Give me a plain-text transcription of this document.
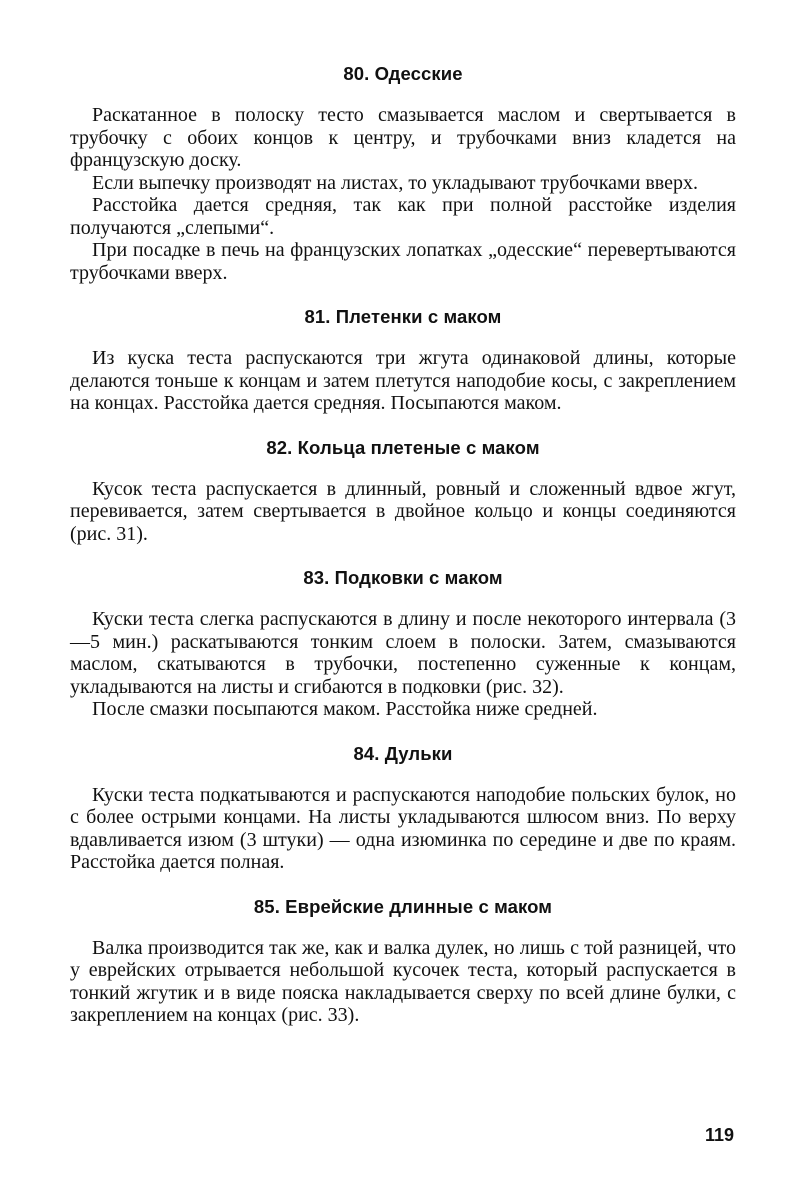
80. Одесские

Раскатанное в полоску тесто смазывается маслом и свертывается в трубочку с обоих концов к центру, и трубочками вниз кладется на французскую доску.

Если выпечку производят на листах, то укладывают трубочками вверх.

Расстойка дается средняя, так как при полной расстойке изделия получаются „слепыми“.

При посадке в печь на французских лопатках „одесские“ перевертываются трубочками вверх.

81. Плетенки с маком

Из куска теста распускаются три жгута одинаковой длины, которые делаются тоньше к концам и затем плетутся наподобие косы, с закреплением на концах. Расстойка дается средняя. Посыпаются маком.

82. Кольца плетеные с маком

Кусок теста распускается в длинный, ровный и сложенный вдвое жгут, перевивается, затем свертывается в двойное кольцо и концы соединяются (рис. 31).

83. Подковки с маком

Куски теста слегка распускаются в длину и после некоторого интервала (3—5 мин.) раскатываются тонким слоем в полоски. Затем, смазываются маслом, скатываются в трубочки, постепенно суженные к концам, укладываются на листы и сгибаются в подковки (рис. 32).

После смазки посыпаются маком. Расстойка ниже средней.

84. Дульки

Куски теста подкатываются и распускаются наподобие польских булок, но с более острыми концами. На листы укладываются шлюсом вниз. По верху вдавливается изюм (3 штуки) — одна изюминка по середине и две по краям. Расстойка дается полная.

85. Еврейские длинные с маком

Валка производится так же, как и валка дулек, но лишь с той разницей, что у еврейских отрывается небольшой кусочек теста, который распускается в тонкий жгутик и в виде пояска накладывается сверху по всей длине булки, с закреплением на концах (рис. 33).

119
